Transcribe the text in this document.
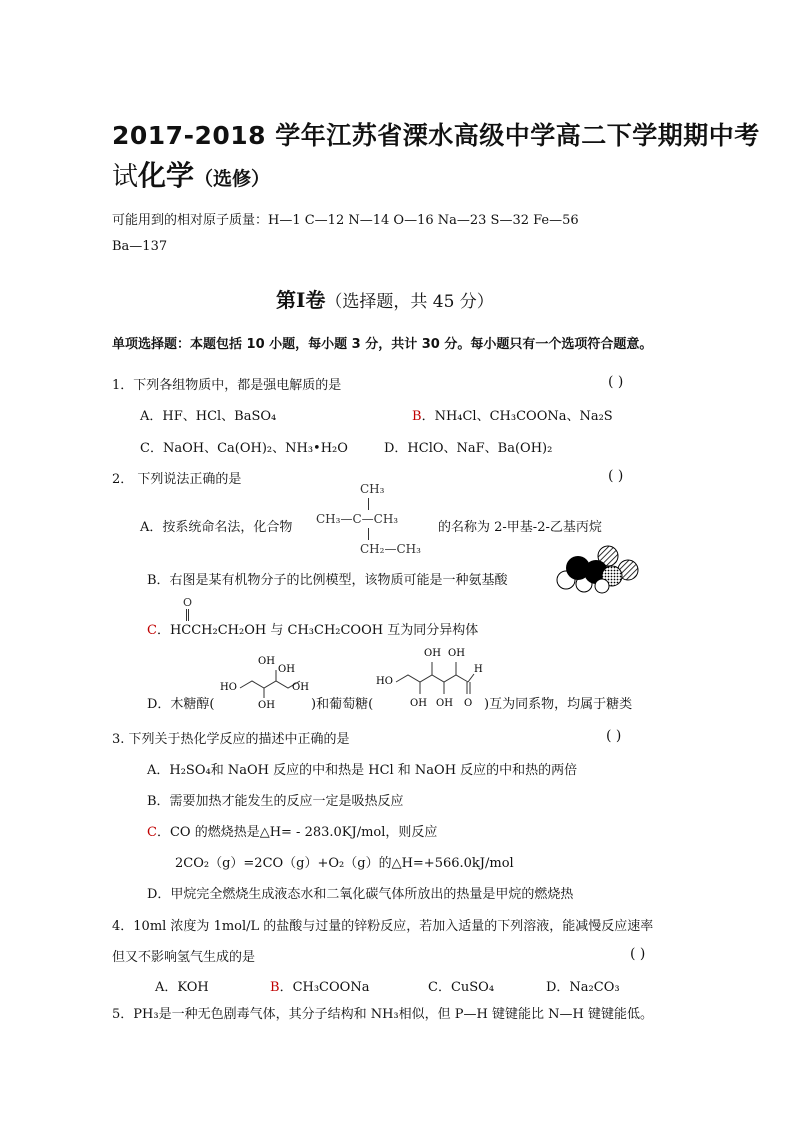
2017-2018 学年江苏省溧水高级中学高二下学期期中考
试化学（选修）
可能用到的相对原子质量：H—1 C—12 N—14 O—16 Na—23 S—32 Fe—56
Ba—137
第Ⅰ卷（选择题，共 45 分）
单项选择题：本题包括 10 小题，每小题 3 分，共计 30 分。每小题只有一个选项符合题意。
1．下列各组物质中，都是强电解质的是	( )
A．HF、HCl、BaSO₄	B．NH₄Cl、CH₃COONa、Na₂S
C．NaOH、Ca(OH)₂、NH₃•H₂O	D．HClO、NaF、Ba(OH)₂
2． 下列说法正确的是	( )
A．按系统命名法，化合物
CH₃
CH₃—C—CH₃
CH₂—CH₃
的名称为 2-甲基-2-乙基丙烷
B．右图是某有机物分子的比例模型，该物质可能是一种氨基酸
C．HCCH₂CH₂OH
O
与 CH₃CH₂COOH 互为同分异构体
D．木糖醇(
HO
OH
OH
OH
OH
)和葡萄糖(
HO
OH OH
OH OH O
H
)互为同系物，均属于糖类
3. 下列关于热化学反应的描述中正确的是	( )
A．H₂SO₄和 NaOH 反应的中和热是 HCl 和 NaOH 反应的中和热的两倍
B．需要加热才能发生的反应一定是吸热反应
C．CO 的燃烧热是△H= - 283.0KJ/mol，则反应
2CO₂（g）=2CO（g）+O₂（g）的△H=+566.0kJ/mol
D．甲烷完全燃烧生成液态水和二氧化碳气体所放出的热量是甲烷的燃烧热
4．10ml 浓度为 1mol/L 的盐酸与过量的锌粉反应，若加入适量的下列溶液，能减慢反应速率
但又不影响氢气生成的是	( )
A．KOH	B．CH₃COONa	C．CuSO₄	D．Na₂CO₃
5．PH₃是一种无色剧毒气体，其分子结构和 NH₃相似，但 P—H 键键能比 N—H 键键能低。
